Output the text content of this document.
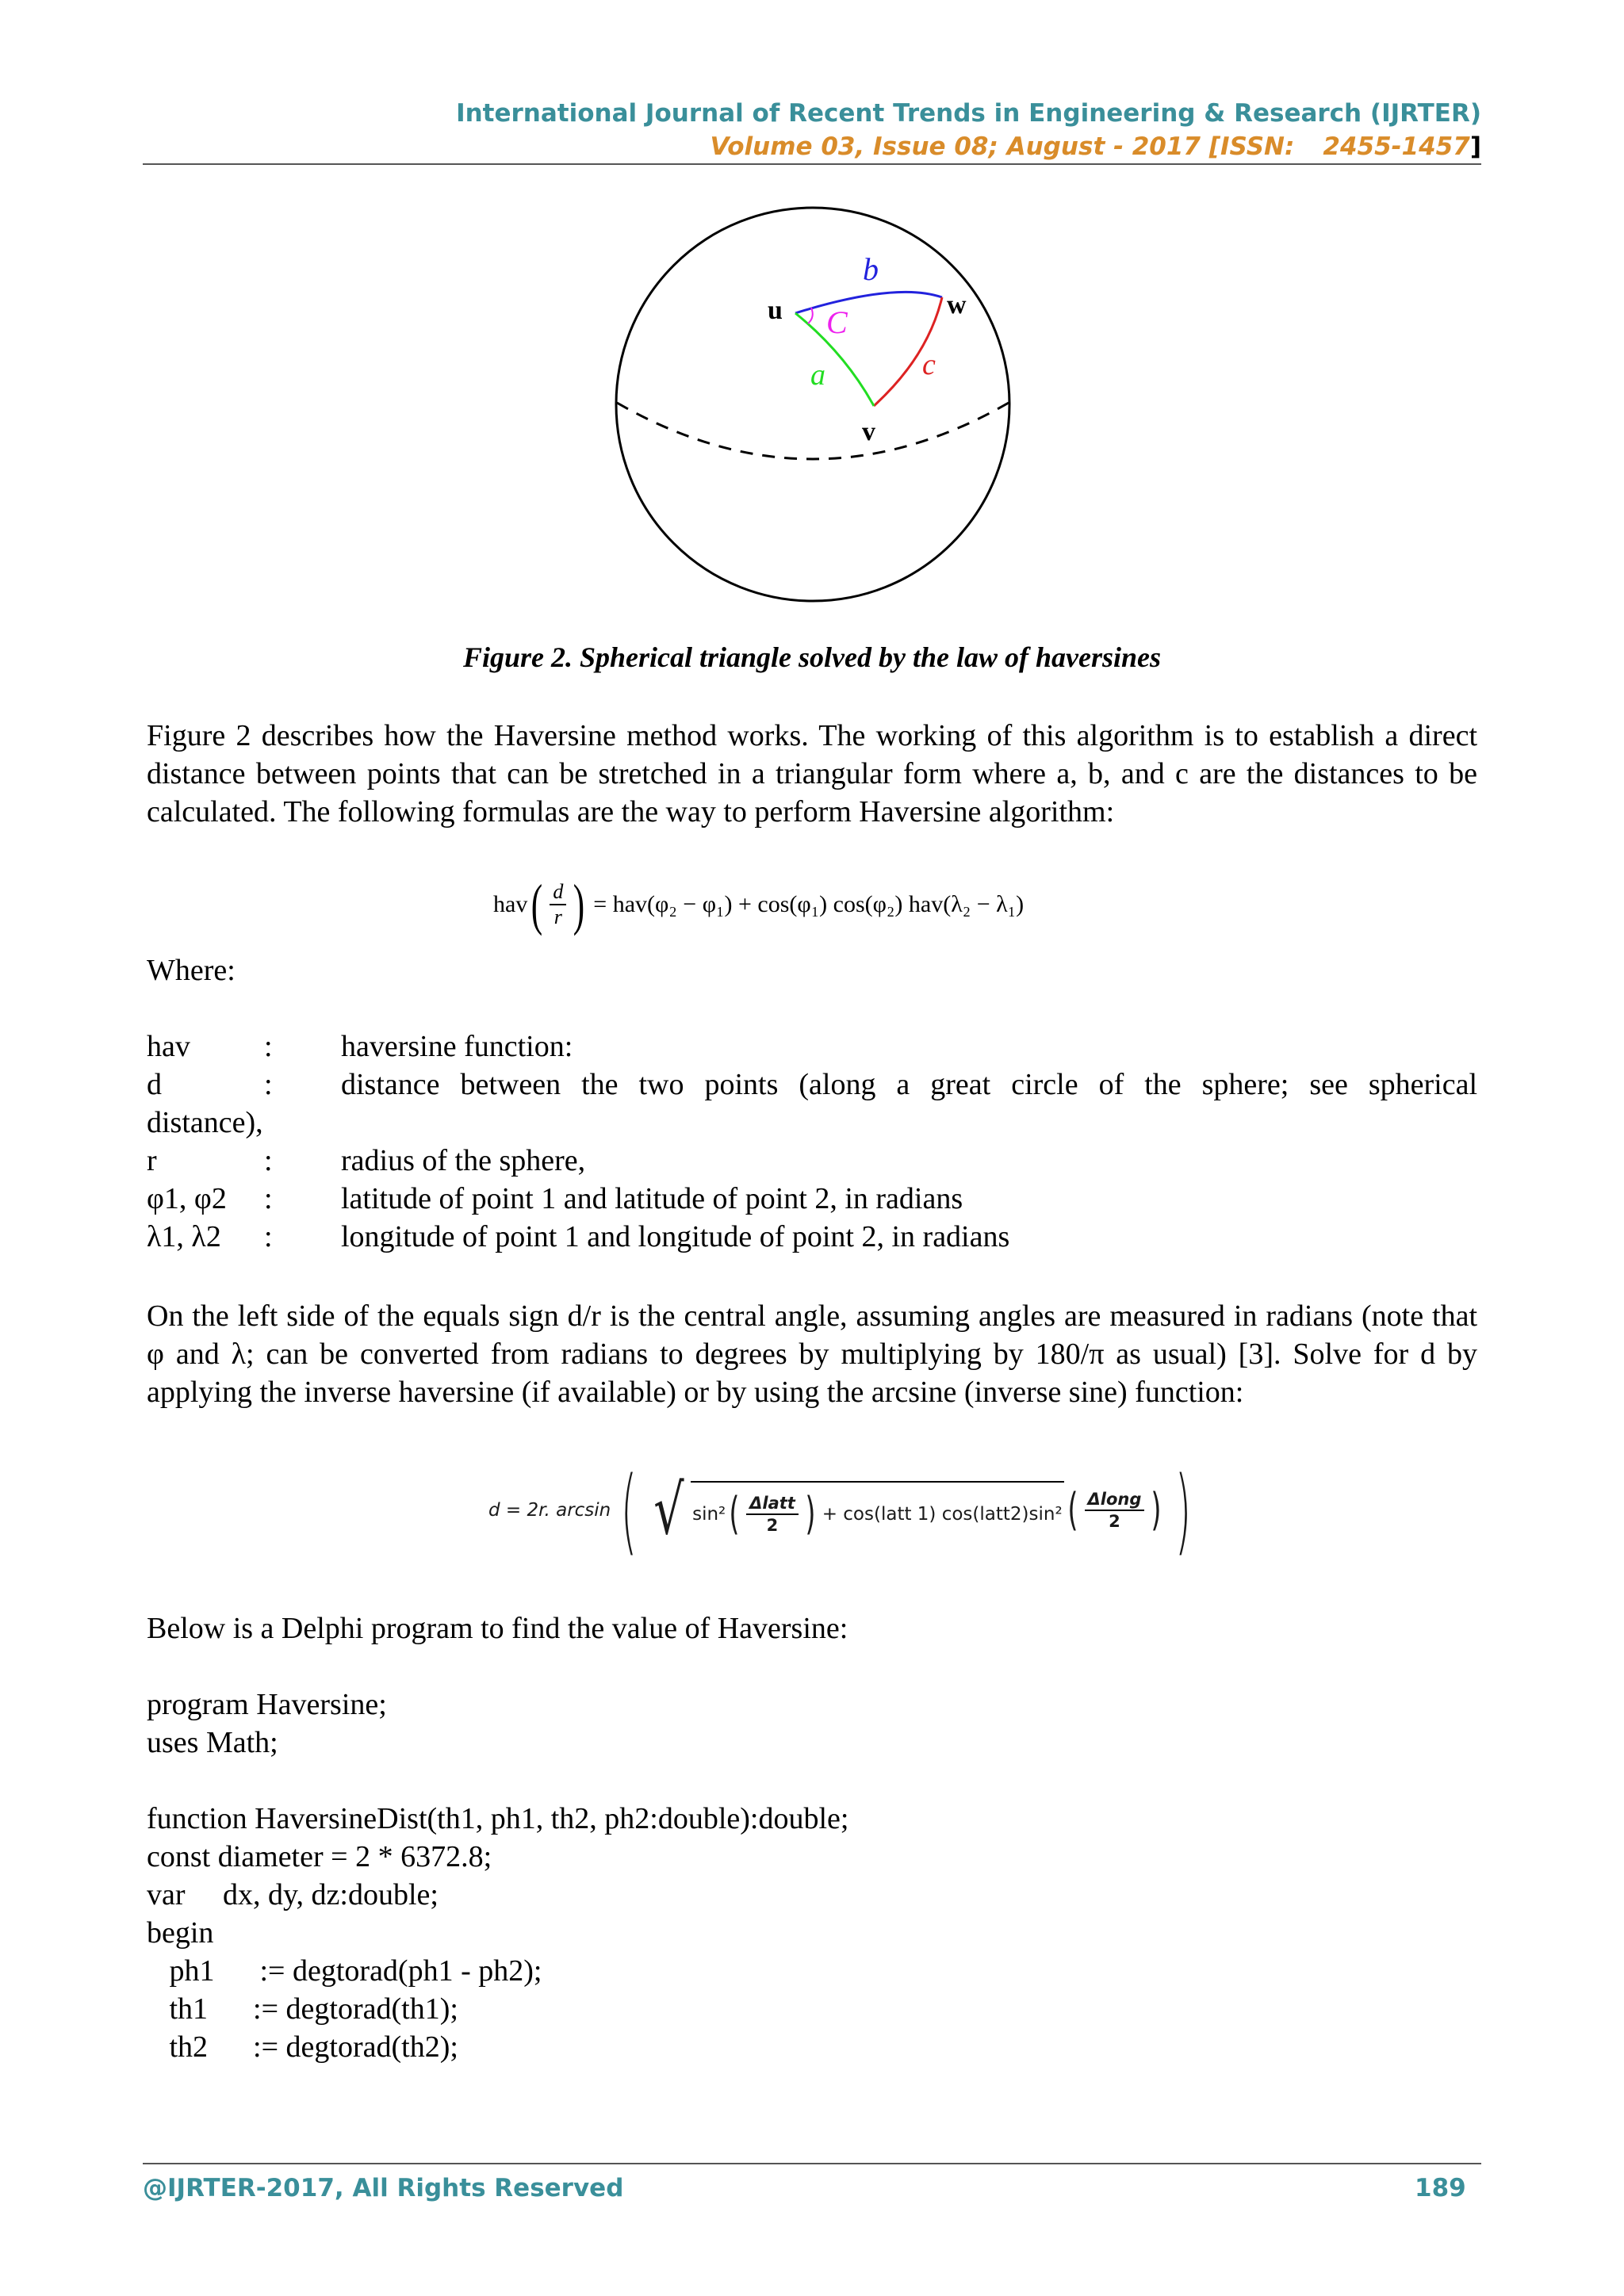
International Journal of Recent Trends in Engineering & Research (IJRTER)
Volume 03, Issue 08; August - 2017 [ISSN: 2455-1457]
u	w
v
b
C
a	c
Figure 2. Spherical triangle solved by the law of haversines
Figure 2 describes how the Haversine method works. The working of this algorithm is to establish a direct distance between points that can be stretched in a triangular form where a, b, and c are the distances to be calculated. The following formulas are the way to perform Haversine algorithm:
hav ( $\frac{d}{r}$ ) = hav(φ₂ − φ₁) + cos(φ₁) cos(φ₂) hav(λ₂ − λ₁)
Where:
hav : haversine function:
d	: distance between the two points (along a great circle of the sphere; see spherical
distance),
r	: radius of the sphere,
φ1, φ2 : latitude of point 1 and latitude of point 2, in radians
λ1, λ2 : longitude of point 1 and longitude of point 2, in radians
On the left side of the equals sign d/r is the central angle, assuming angles are measured in radians (note that φ and λ; can be converted from radians to degrees by multiplying by 180/π as usual) [3]. Solve for d by applying the inverse haversine (if available) or by using the arcsine (inverse sine) function:
d = 2r. arcsin ( √ sin² ( $\frac{\text{Δlatt}}{2}$ ) + cos(latt 1) cos(latt2)sin² ( $\frac{\text{Δlong}}{2}$ ) )
Below is a Delphi program to find the value of Haversine:
program Haversine;
uses Math;
function HaversineDist(th1, ph1, th2, ph2:double):double;
const diameter = 2 * 6372.8;
var     dx, dy, dz:double;
begin
ph1      := degtorad(ph1 - ph2);
th1      := degtorad(th1);
th2      := degtorad(th2);
@IJRTER-2017, All Rights Reserved	189
